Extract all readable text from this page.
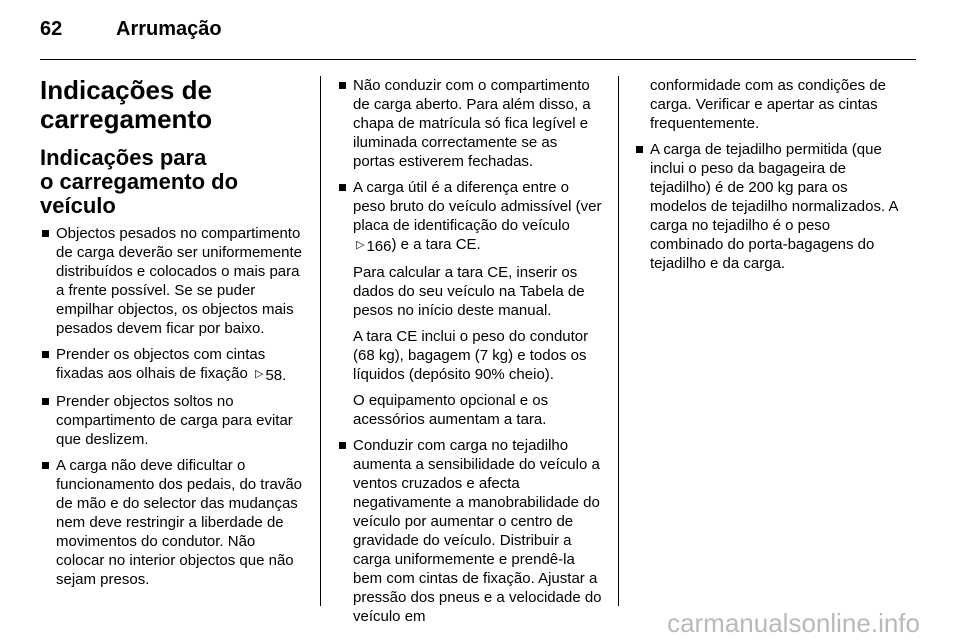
62	Arrumação
Indicações de
carregamento
Indicações para
o carregamento do veículo
Objectos pesados no compartimento de carga deverão ser uniformemente distribuídos e colocados o mais para a frente possível. Se se puder empilhar objectos, os objectos mais pesados devem ficar por baixo.
Prender os objectos com cintas fixadas aos olhais de fixação ▷ 58.
Prender objectos soltos no compartimento de carga para evitar que deslizem.
A carga não deve dificultar o funcionamento dos pedais, do travão de mão e do selector das mudanças nem deve restringir a liberdade de movimentos do condutor. Não colocar no interior objectos que não sejam presos.
Não conduzir com o compartimento de carga aberto. Para além disso, a chapa de matrícula só fica legível e iluminada correctamente se as portas estiverem fechadas.
A carga útil é a diferença entre o peso bruto do veículo admissível (ver placa de identificação do veículo
▷ 166 ) e a tara CE.

Para calcular a tara CE, inserir os dados do seu veículo na Tabela de pesos no início deste manual.

A tara CE inclui o peso do condutor (68 kg), bagagem (7 kg) e todos os líquidos (depósito 90% cheio).

O equipamento opcional e os acessórios aumentam a tara.

Conduzir com carga no tejadilho aumenta a sensibilidade do veículo a ventos cruzados e afecta negativamente a manobrabilidade do veículo por aumentar o centro de gravidade do veículo. Distribuir a carga uniformemente e prendê-la bem com cintas de fixação. Ajustar a pressão dos pneus e a velocidade do veículo em

conformidade com as condições de carga. Verificar e apertar as cintas frequentemente.

A carga de tejadilho permitida (que inclui o peso da bagageira de tejadilho) é de 200 kg para os modelos de tejadilho normalizados. A carga no tejadilho é o peso combinado do porta-bagagens do tejadilho e da carga.
carmanualsonline.info
